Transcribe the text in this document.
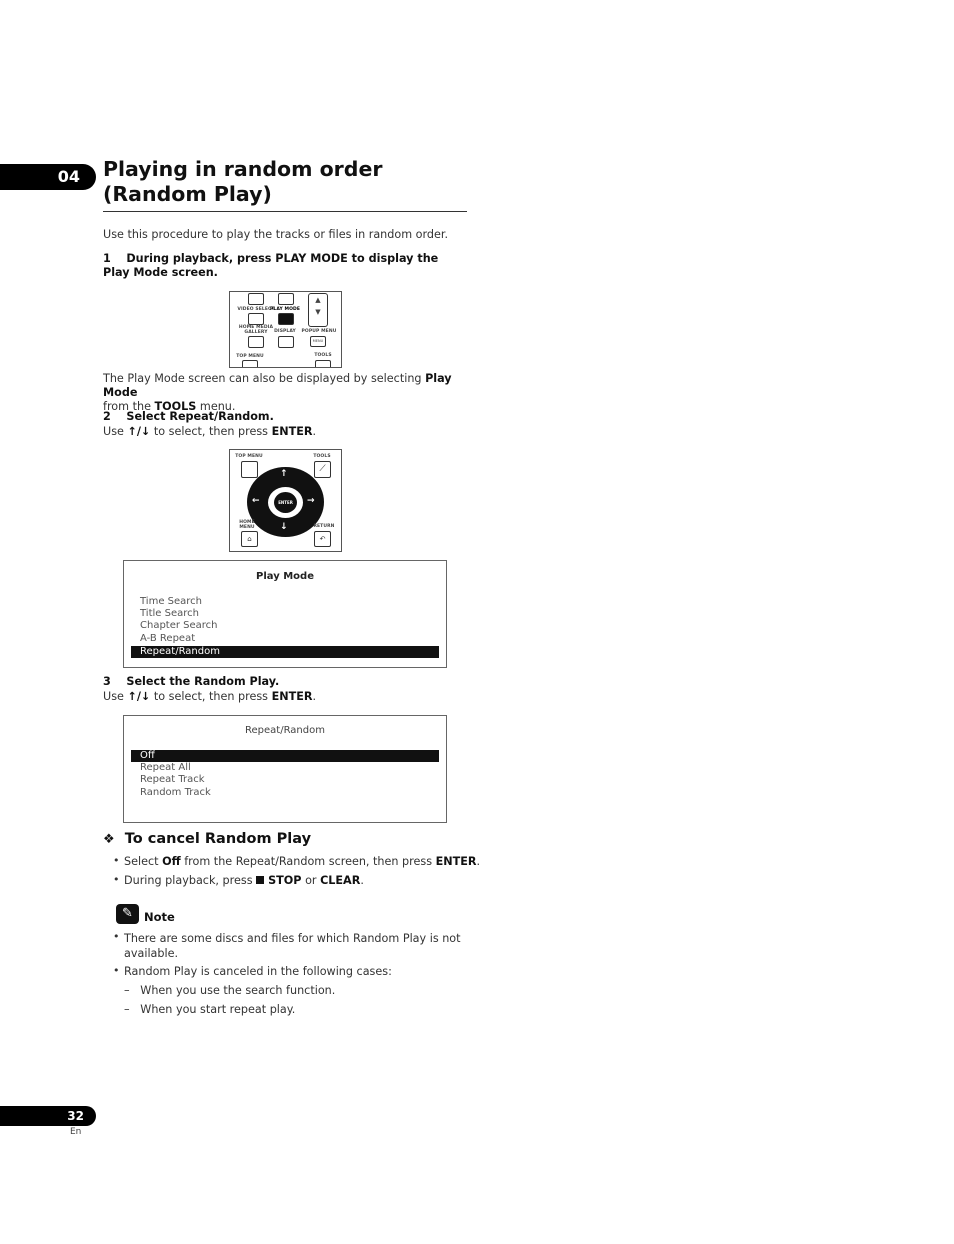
04	Playing in random order (Random Play)
Use this procedure to play the tracks or files in random order.
1 During playback, press PLAY MODE to display the Play Mode screen.
▲
▼
VIDEO SELECT
PLAY MODE
HOME MEDIA
GALLERY	DISPLAY	POPUP MENU
MENU
TOP MENU	TOOLS
The Play Mode screen can also be displayed by selecting Play Mode
from the TOOLS menu.
2 Select Repeat/Random.
Use ↑/↓ to select, then press ENTER.
TOP MENU	TOOLS
⟋
ENTER
↑
↓
←	→
HOME
MENU	RETURN
⌂	↶
Play Mode
Time Search
Title Search
Chapter Search
A-B Repeat
Repeat/Random
3 Select the Random Play.
Use ↑/↓ to select, then press ENTER.
Repeat/Random
Off
Repeat All
Repeat Track
Random Track
❖ To cancel Random Play
• Select Off from the Repeat/Random screen, then press ENTER.
• During playback, press STOP or CLEAR.
✎ Note
• There are some discs and files for which Random Play is not available.
• Random Play is canceled in the following cases:
–   When you use the search function.
–   When you start repeat play.
32
En
